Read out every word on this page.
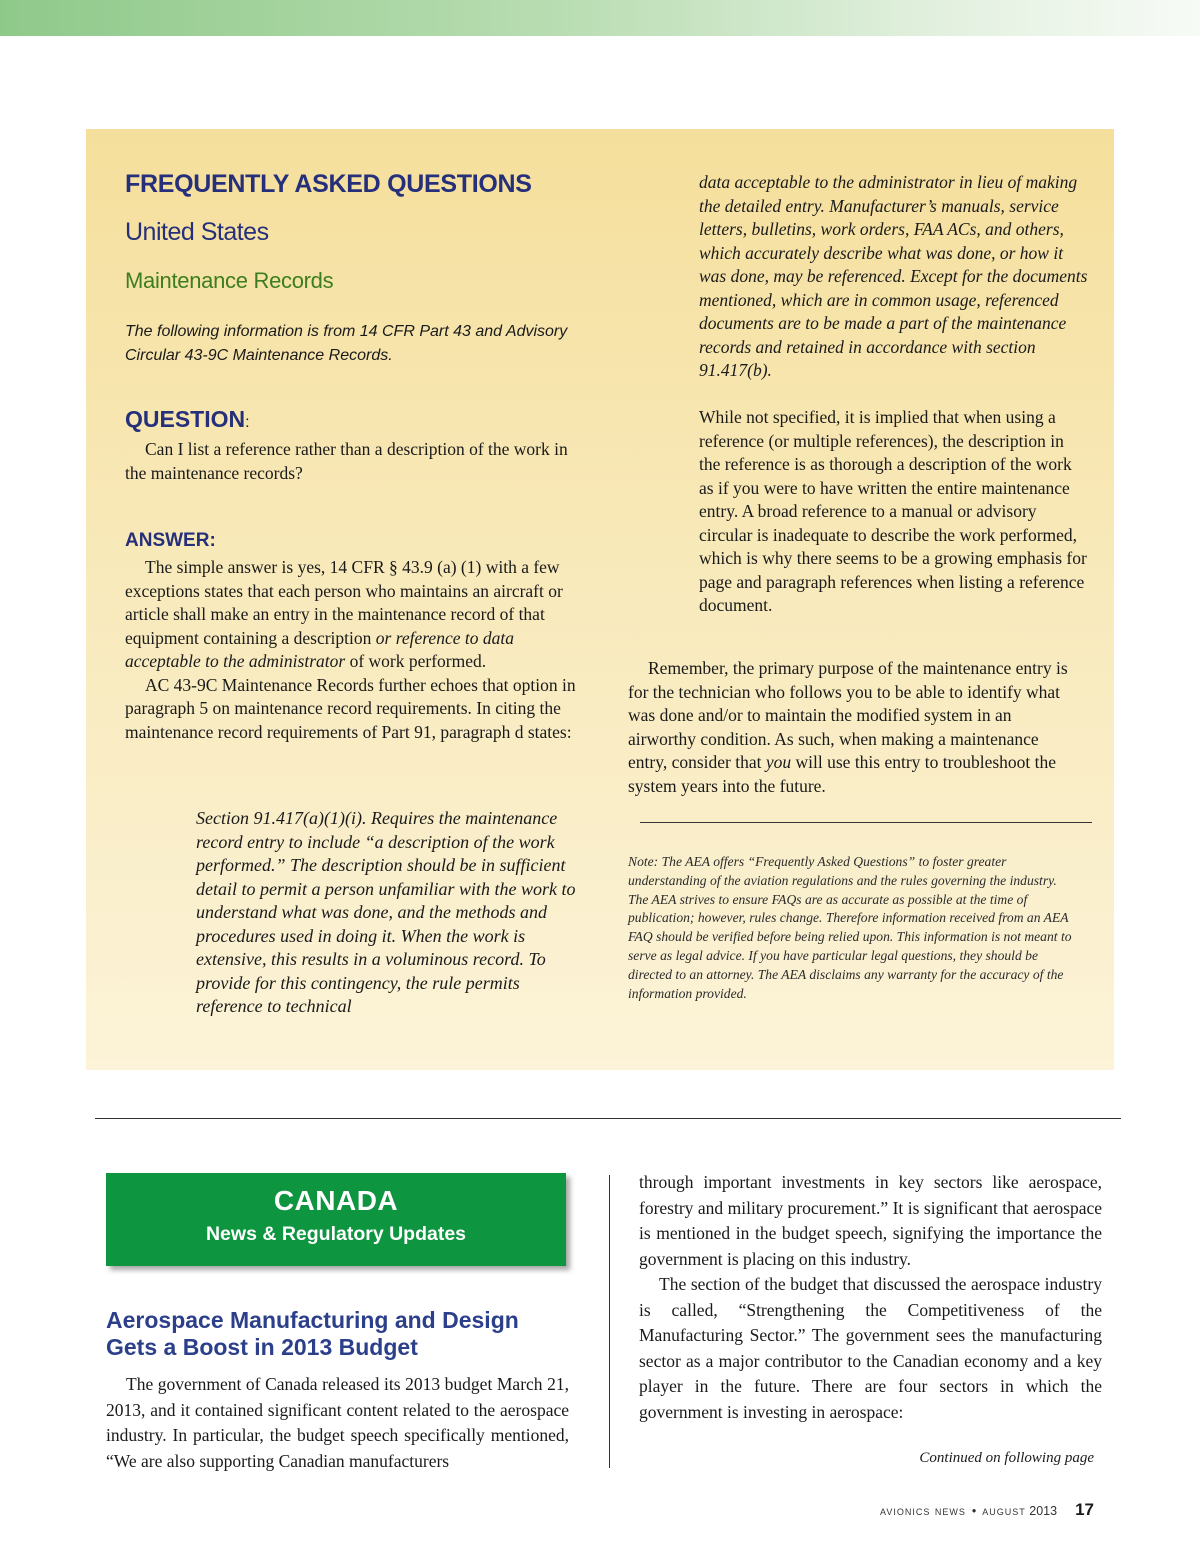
FREQUENTLY ASKED QUESTIONS
United States
Maintenance Records
The following information is from 14 CFR Part 43 and Advisory Circular 43-9C Maintenance Records.
QUESTION:

Can I list a reference rather than a description of the work in the maintenance records?

ANSWER:

The simple answer is yes, 14 CFR § 43.9 (a) (1) with a few exceptions states that each person who maintains an aircraft or article shall make an entry in the maintenance record of that equipment containing a description or reference to data acceptable to the administrator of work performed.

AC 43-9C Maintenance Records further echoes that option in paragraph 5 on maintenance record requirements. In citing the maintenance record requirements of Part 91, paragraph d states:

Section 91.417(a)(1)(i). Requires the maintenance record entry to include “a description of the work performed.” The description should be in sufficient detail to permit a person unfamiliar with the work to understand what was done, and the methods and procedures used in doing it. When the work is extensive, this results in a voluminous record. To provide for this contingency, the rule permits reference to technical
data acceptable to the administrator in lieu of making the detailed entry. Manufacturer’s manuals, service letters, bulletins, work orders, FAA ACs, and others, which accurately describe what was done, or how it was done, may be referenced. Except for the documents mentioned, which are in common usage, referenced documents are to be made a part of the maintenance records and retained in accordance with section 91.417(b).
While not specified, it is implied that when using a reference (or multiple references), the description in the reference is as thorough a description of the work as if you were to have written the entire maintenance entry. A broad reference to a manual or advisory circular is inadequate to describe the work performed, which is why there seems to be a growing emphasis for page and paragraph references when listing a reference document.

Remember, the primary purpose of the maintenance entry is for the technician who follows you to be able to identify what was done and/or to maintain the modified system in an airworthy condition. As such, when making a maintenance entry, consider that you will use this entry to troubleshoot the system years into the future.

Note: The AEA offers “Frequently Asked Questions” to foster greater understanding of the aviation regulations and the rules governing the industry. The AEA strives to ensure FAQs are as accurate as possible at the time of publication; however, rules change. Therefore information received from an AEA FAQ should be verified before being relied upon. This information is not meant to serve as legal advice. If you have particular legal questions, they should be directed to an attorney. The AEA disclaims any warranty for the accuracy of the information provided.
CANADA
News & Regulatory Updates
Aerospace Manufacturing and Design Gets a Boost in 2013 Budget

The government of Canada released its 2013 budget March 21, 2013, and it contained significant content related to the aerospace industry. In particular, the budget speech specifically mentioned, “We are also supporting Canadian manufacturers

through important investments in key sectors like aerospace, forestry and military procurement.” It is significant that aerospace is mentioned in the budget speech, signifying the importance the government is placing on this industry.

The section of the budget that discussed the aerospace industry is called, “Strengthening the Competitiveness of the Manufacturing Sector.” The government sees the manufacturing sector as a major contributor to the Canadian economy and a key player in the future. There are four sectors in which the government is investing in aerospace:

Continued on following page
avionics news • august 2013 17
